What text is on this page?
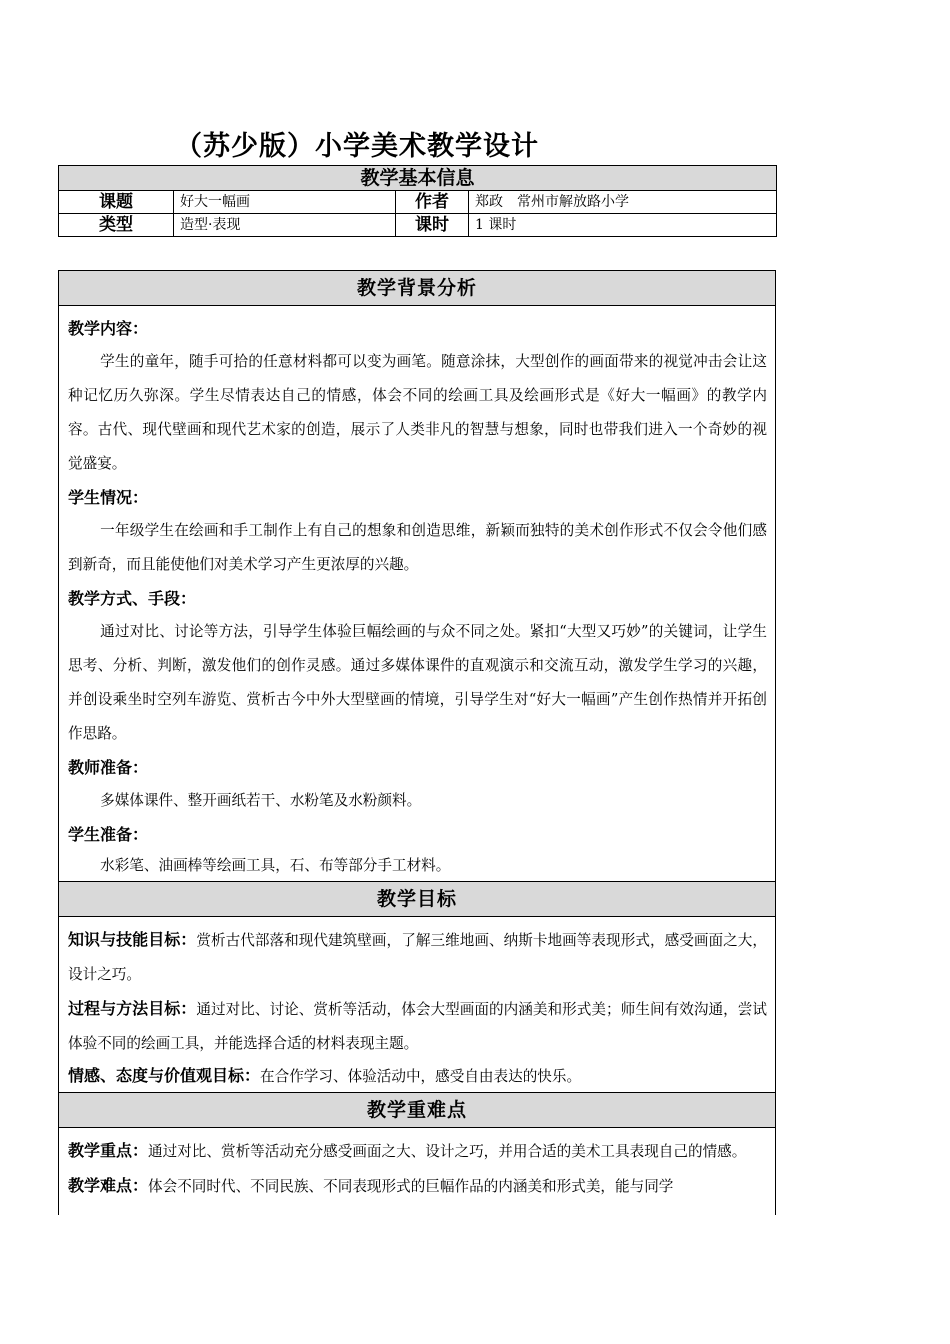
（苏少版）小学美术教学设计
教学基本信息			
课题	好大一幅画	作者	郑政　常州市解放路小学
类型	造型·表现	课时	1 课时
教学背景分析

教学内容：

学生的童年，随手可拾的任意材料都可以变为画笔。随意涂抹，大型创作的画面带来的视觉冲击会让这种记忆历久弥深。学生尽情表达自己的情感，体会不同的绘画工具及绘画形式是《好大一幅画》的教学内容。古代、现代壁画和现代艺术家的创造，展示了人类非凡的智慧与想象，同时也带我们进入一个奇妙的视觉盛宴。

学生情况：

一年级学生在绘画和手工制作上有自己的想象和创造思维，新颖而独特的美术创作形式不仅会令他们感到新奇，而且能使他们对美术学习产生更浓厚的兴趣。

教学方式、手段：

通过对比、讨论等方法，引导学生体验巨幅绘画的与众不同之处。紧扣“大型又巧妙”的关键词，让学生思考、分析、判断，激发他们的创作灵感。通过多媒体课件的直观演示和交流互动，激发学生学习的兴趣，并创设乘坐时空列车游览、赏析古今中外大型壁画的情境，引导学生对“好大一幅画”产生创作热情并开拓创作思路。

教师准备：

多媒体课件、整开画纸若干、水粉笔及水粉颜料。

学生准备：

水彩笔、油画棒等绘画工具，石、布等部分手工材料。

教学目标

知识与技能目标：赏析古代部落和现代建筑壁画，了解三维地画、纳斯卡地画等表现形式，感受画面之大，设计之巧。

过程与方法目标：通过对比、讨论、赏析等活动，体会大型画面的内涵美和形式美；师生间有效沟通，尝试体验不同的绘画工具，并能选择合适的材料表现主题。

情感、态度与价值观目标：在合作学习、体验活动中，感受自由表达的快乐。

教学重难点

教学重点：通过对比、赏析等活动充分感受画面之大、设计之巧，并用合适的美术工具表现自己的情感。

教学难点：体会不同时代、不同民族、不同表现形式的巨幅作品的内涵美和形式美，能与同学
